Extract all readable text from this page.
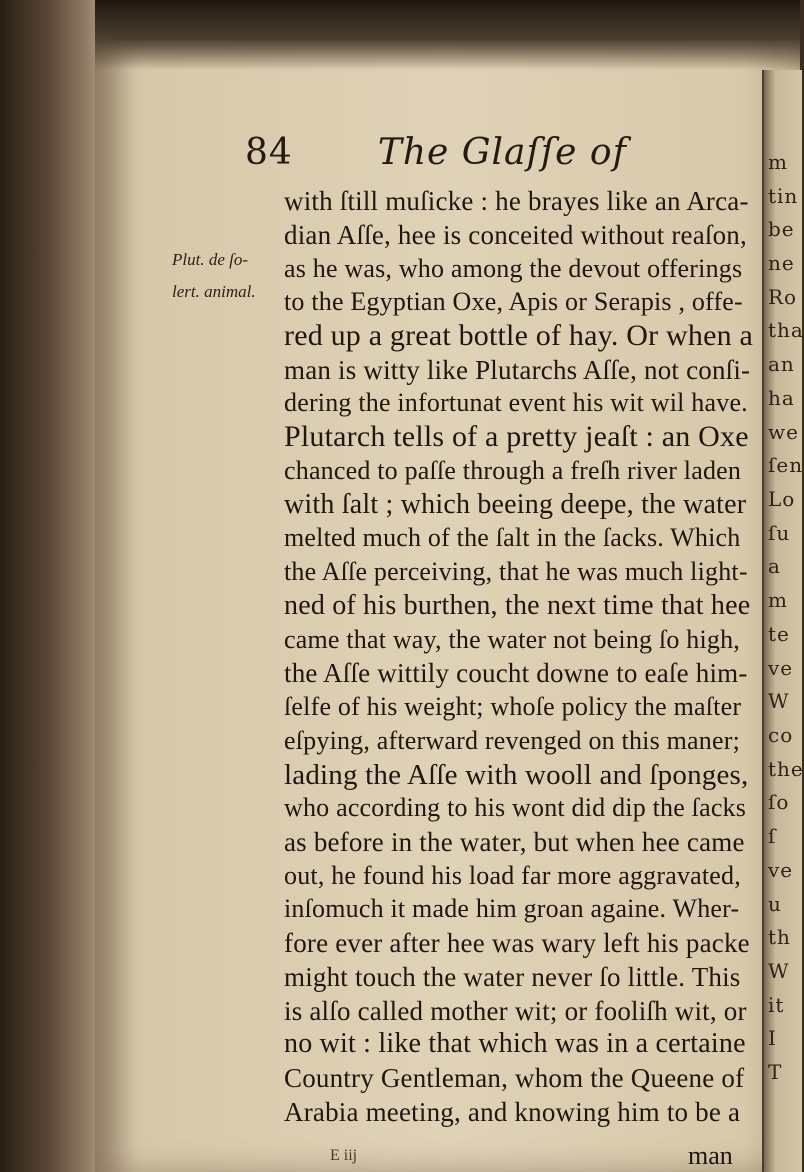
m
tin
be
ne
Ro
tha
an
ha
we
ſen
Lo
ſu
a
m
te
ve
W
co
the
ſo
ſ
ve
u
th
W
it
I
T
84 The Glaſſe of
Plut. de ſo-
lert. animal.
with ſtill muſicke : he brayes like an Arca-
dian Aſſe, hee is conceited without reaſon,
as he was, who among the devout offerings
to the Egyptian Oxe, Apis or Serapis , offe-
red up a great bottle of hay. Or when a
man is witty like Plutarchs Aſſe, not conſi-
dering the infortunat event his wit wil have.
Plutarch tells of a pretty jeaſt : an Oxe
chanced to paſſe through a freſh river laden
with ſalt ; which beeing deepe, the water
melted much of the ſalt in the ſacks. Which
the Aſſe perceiving, that he was much light-
ned of his burthen, the next time that hee
came that way, the water not being ſo high,
the Aſſe wittily coucht downe to eaſe him-
ſelfe of his weight; whoſe policy the maſter
eſpying, afterward revenged on this maner;
lading the Aſſe with wooll and ſponges,
who according to his wont did dip the ſacks
as before in the water, but when hee came
out, he found his load far more aggravated,
inſomuch it made him groan againe. Wher-
fore ever after hee was wary left his packe
might touch the water never ſo little. This
is alſo called mother wit; or fooliſh wit, or
no wit : like that which was in a certaine
Country Gentleman, whom the Queene of
Arabia meeting, and knowing him to be a
E iij	man
